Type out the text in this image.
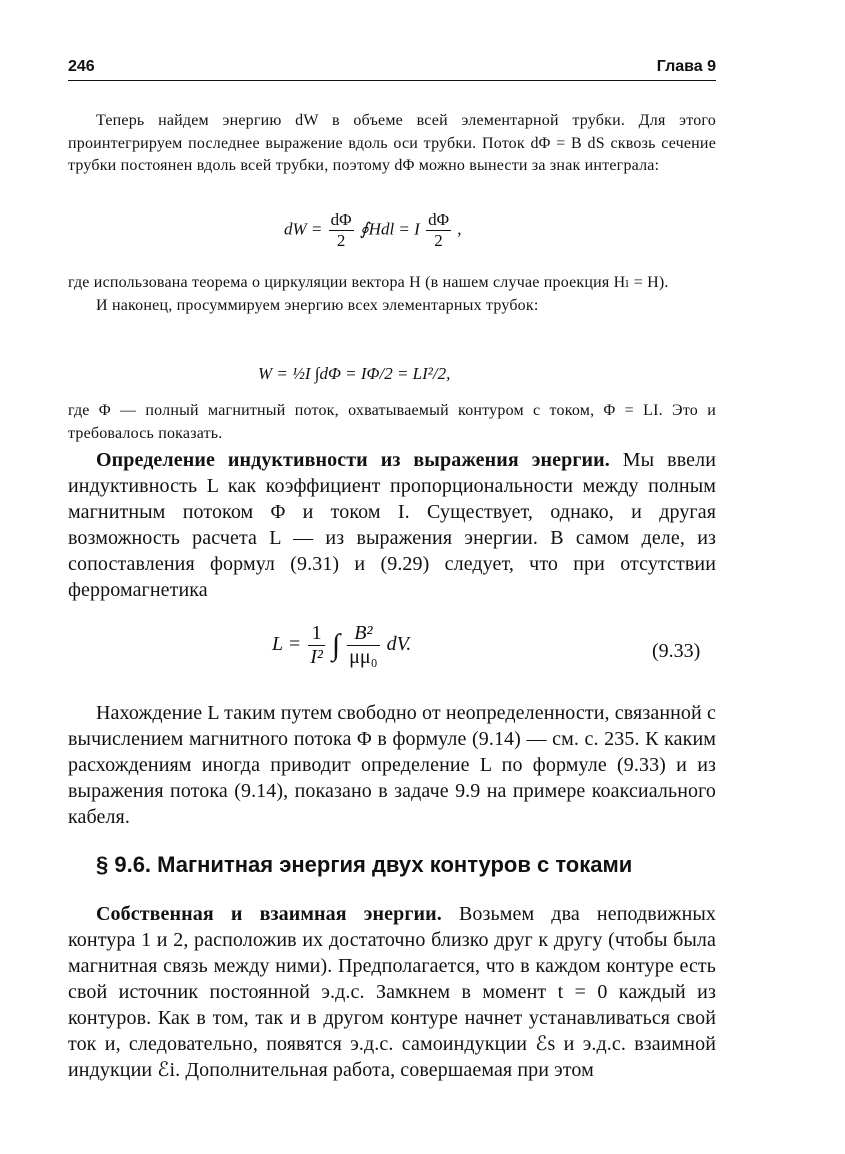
246	Глава 9

Теперь найдем энергию dW в объеме всей элементарной трубки. Для этого проинтегрируем последнее выражение вдоль оси трубки. Поток dΦ = B dS сквозь сечение трубки постоянен вдоль всей трубки, поэтому dΦ можно вынести за знак интеграла:

dW = $\frac{d\Phi}{2}$ ∮Hdl = I $\frac{d\Phi}{2}$ ,

где использована теорема о циркуляции вектора H (в нашем случае проекция Hₗ = H).

И наконец, просуммируем энергию всех элементарных трубок:

W = ½I ∫dΦ = IΦ/2 = LI²/2,

где Φ — полный магнитный поток, охватываемый контуром с током, Φ = LI. Это и требовалось показать.

Определение индуктивности из выражения энергии. Мы ввели индуктивность L как коэффициент пропорциональности между полным магнитным потоком Φ и током I. Существует, однако, и другая возможность расчета L — из выражения энергии. В самом деле, из сопоставления формул (9.31) и (9.29) следует, что при отсутствии ферромагнетика

$L = \frac{1}{\text{I²}}$ ∫ $\frac{\text{B²}}{\text{μμ₀}}$ dV.	(9.33)

Нахождение L таким путем свободно от неопределенности, связанной с вычислением магнитного потока Φ в формуле (9.14) — см. с. 235. К каким расхождениям иногда приводит определение L по формуле (9.33) и из выражения потока (9.14), показано в задаче 9.9 на примере коаксиального кабеля.

§ 9.6. Магнитная энергия двух контуров с токами

Собственная и взаимная энергии. Возьмем два неподвижных контура 1 и 2, расположив их достаточно близко друг к другу (чтобы была магнитная связь между ними). Предполагается, что в каждом контуре есть свой источник постоянной э.д.с. Замкнем в момент t = 0 каждый из контуров. Как в том, так и в другом контуре начнет устанавливаться свой ток и, следовательно, появятся э.д.с. самоиндукции ℰs и э.д.с. взаимной индукции ℰi. Дополнительная работа, совершаемая при этом
